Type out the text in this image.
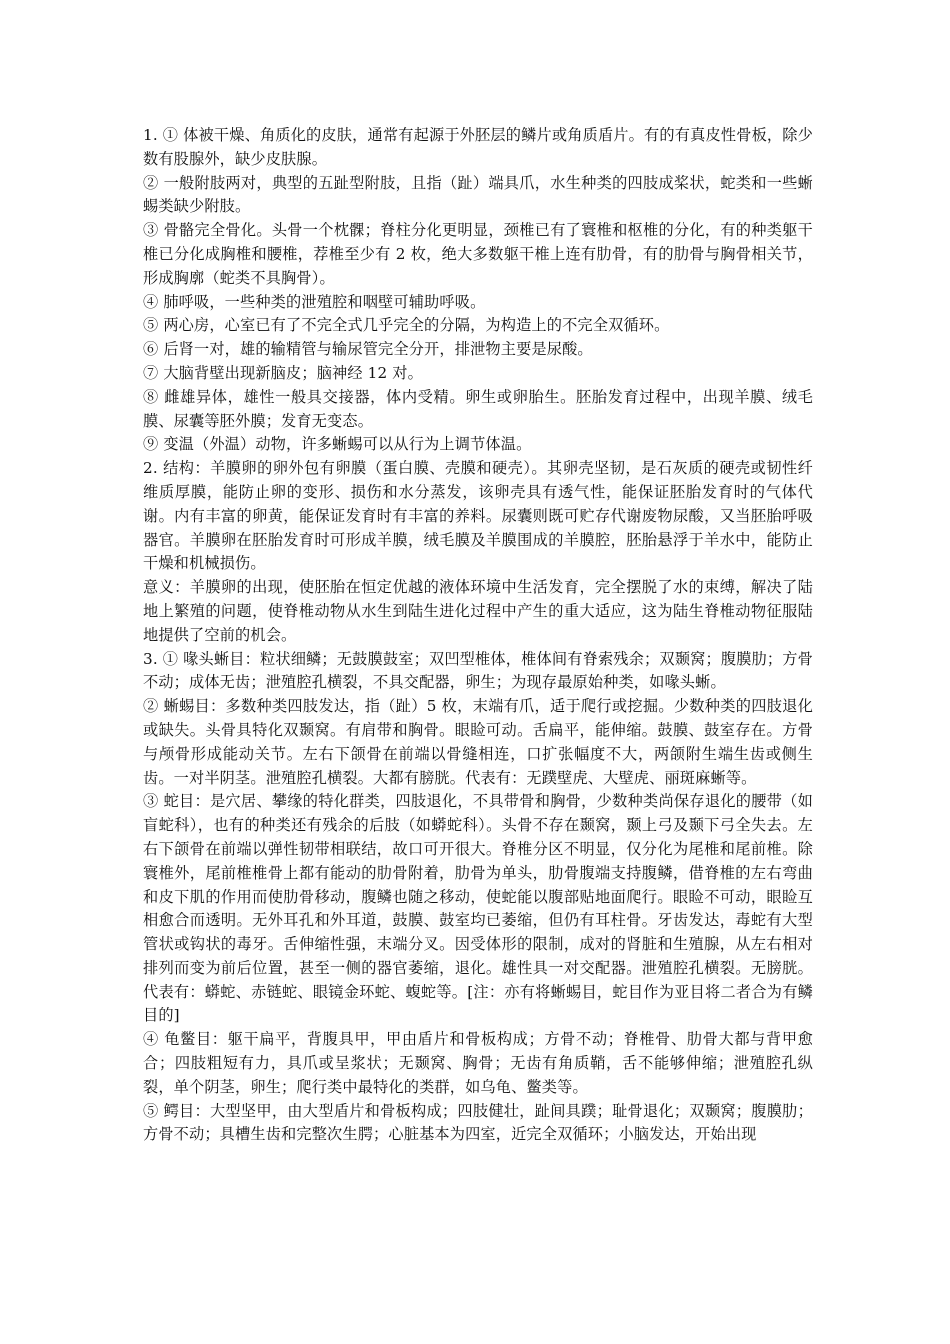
1. ① 体被干燥、角质化的皮肤，通常有起源于外胚层的鳞片或角质盾片。有的有真皮性骨板，除少数有股腺外，缺少皮肤腺。

② 一般附肢两对，典型的五趾型附肢，且指（趾）端具爪，水生种类的四肢成桨状，蛇类和一些蜥蜴类缺少附肢。

③ 骨骼完全骨化。头骨一个枕髁；脊柱分化更明显，颈椎已有了寰椎和枢椎的分化，有的种类躯干椎已分化成胸椎和腰椎，荐椎至少有 2 枚，绝大多数躯干椎上连有肋骨，有的肋骨与胸骨相关节，形成胸廓（蛇类不具胸骨）。

④ 肺呼吸，一些种类的泄殖腔和咽壁可辅助呼吸。

⑤ 两心房，心室已有了不完全式几乎完全的分隔，为构造上的不完全双循环。

⑥ 后肾一对，雄的输精管与输尿管完全分开，排泄物主要是尿酸。

⑦ 大脑背壁出现新脑皮；脑神经 12 对。

⑧ 雌雄异体，雄性一般具交接器，体内受精。卵生或卵胎生。胚胎发育过程中，出现羊膜、绒毛膜、尿囊等胚外膜；发育无变态。

⑨ 变温（外温）动物，许多蜥蜴可以从行为上调节体温。

2. 结构：羊膜卵的卵外包有卵膜（蛋白膜、壳膜和硬壳）。其卵壳坚韧，是石灰质的硬壳或韧性纤维质厚膜，能防止卵的变形、损伤和水分蒸发，该卵壳具有透气性，能保证胚胎发育时的气体代谢。内有丰富的卵黄，能保证发育时有丰富的养料。尿囊则既可贮存代谢废物尿酸，又当胚胎呼吸器官。羊膜卵在胚胎发育时可形成羊膜，绒毛膜及羊膜围成的羊膜腔，胚胎悬浮于羊水中，能防止干燥和机械损伤。

意义：羊膜卵的出现，使胚胎在恒定优越的液体环境中生活发育，完全摆脱了水的束缚，解决了陆地上繁殖的问题，使脊椎动物从水生到陆生进化过程中产生的重大适应，这为陆生脊椎动物征服陆地提供了空前的机会。

3. ① 喙头蜥目：粒状细鳞；无鼓膜鼓室；双凹型椎体，椎体间有脊索残余；双颞窝；腹膜肋；方骨不动；成体无齿；泄殖腔孔横裂，不具交配器，卵生；为现存最原始种类，如喙头蜥。

② 蜥蜴目：多数种类四肢发达，指（趾）5 枚，末端有爪，适于爬行或挖掘。少数种类的四肢退化或缺失。头骨具特化双颞窝。有肩带和胸骨。眼睑可动。舌扁平，能伸缩。鼓膜、鼓室存在。方骨与颅骨形成能动关节。左右下颌骨在前端以骨缝相连，口扩张幅度不大，两颌附生端生齿或侧生齿。一对半阴茎。泄殖腔孔横裂。大都有膀胱。代表有：无蹼壁虎、大壁虎、丽斑麻蜥等。

③ 蛇目：是穴居、攀缘的特化群类，四肢退化，不具带骨和胸骨，少数种类尚保存退化的腰带（如盲蛇科），也有的种类还有残余的后肢（如蟒蛇科）。头骨不存在颞窝，颞上弓及颞下弓全失去。左右下颌骨在前端以弹性韧带相联结，故口可开很大。脊椎分区不明显，仅分化为尾椎和尾前椎。除寰椎外，尾前椎椎骨上都有能动的肋骨附着，肋骨为单头，肋骨腹端支持腹鳞，借脊椎的左右弯曲和皮下肌的作用而使肋骨移动，腹鳞也随之移动，使蛇能以腹部贴地面爬行。眼睑不可动，眼睑互相愈合而透明。无外耳孔和外耳道，鼓膜、鼓室均已萎缩，但仍有耳柱骨。牙齿发达，毒蛇有大型管状或钩状的毒牙。舌伸缩性强，末端分叉。因受体形的限制，成对的肾脏和生殖腺，从左右相对排列而变为前后位置，甚至一侧的器官萎缩，退化。雄性具一对交配器。泄殖腔孔横裂。无膀胱。代表有：蟒蛇、赤链蛇、眼镜金环蛇、蝮蛇等。[注：亦有将蜥蜴目，蛇目作为亚目将二者合为有鳞目的]

④ 龟鳖目：躯干扁平，背腹具甲，甲由盾片和骨板构成；方骨不动；脊椎骨、肋骨大都与背甲愈合；四肢粗短有力，具爪或呈浆状；无颞窝、胸骨；无齿有角质鞘，舌不能够伸缩；泄殖腔孔纵裂，单个阴茎，卵生；爬行类中最特化的类群，如乌龟、鳖类等。

⑤ 鳄目：大型坚甲，由大型盾片和骨板构成；四肢健壮，趾间具蹼；耻骨退化；双颞窝；腹膜肋；方骨不动；具槽生齿和完整次生腭；心脏基本为四室，近完全双循环；小脑发达，开始出现
